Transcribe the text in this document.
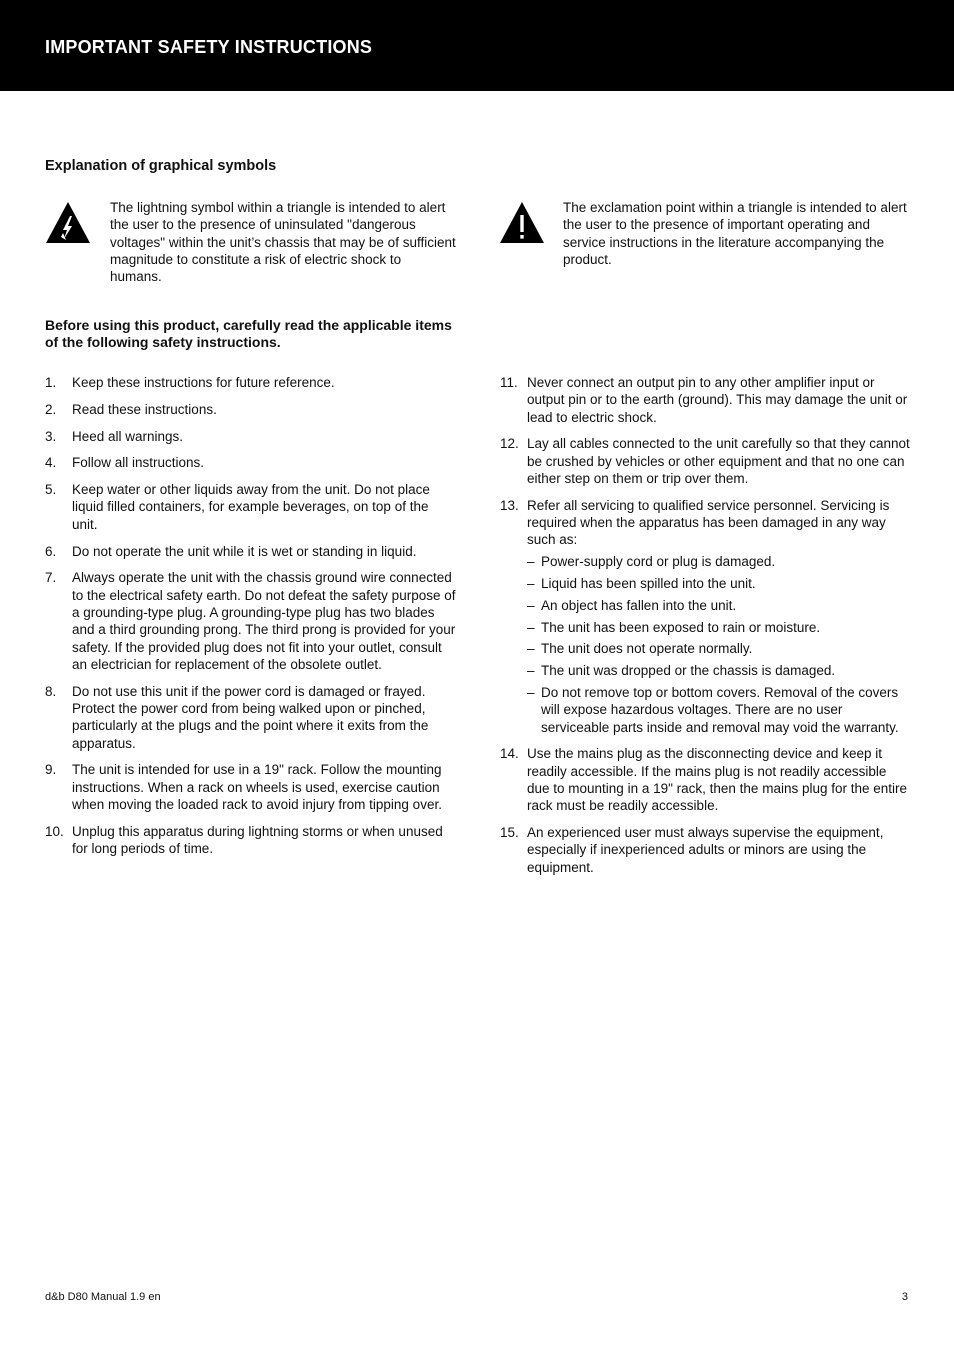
IMPORTANT SAFETY INSTRUCTIONS
Explanation of graphical symbols
The lightning symbol within a triangle is intended to alert the user to the presence of uninsulated "dangerous voltages" within the unit’s chassis that may be of sufficient magnitude to constitute a risk of electric shock to humans.
The exclamation point within a triangle is intended to alert the user to the presence of important operating and service instructions in the literature accompanying the product.
Before using this product, carefully read the applicable items of the following safety instructions.
1. Keep these instructions for future reference.
2. Read these instructions.
3. Heed all warnings.
4. Follow all instructions.
5. Keep water or other liquids away from the unit. Do not place liquid filled containers, for example beverages, on top of the unit.
6. Do not operate the unit while it is wet or standing in liquid.
7. Always operate the unit with the chassis ground wire connected to the electrical safety earth. Do not defeat the safety purpose of a grounding-type plug. A grounding-type plug has two blades and a third grounding prong. The third prong is provided for your safety. If the provided plug does not fit into your outlet, consult an electrician for replacement of the obsolete outlet.
8. Do not use this unit if the power cord is damaged or frayed. Protect the power cord from being walked upon or pinched, particularly at the plugs and the point where it exits from the apparatus.
9. The unit is intended for use in a 19" rack. Follow the mounting instructions. When a rack on wheels is used, exercise caution when moving the loaded rack to avoid injury from tipping over.
10. Unplug this apparatus during lightning storms or when unused for long periods of time.
11. Never connect an output pin to any other amplifier input or output pin or to the earth (ground). This may damage the unit or lead to electric shock.
12. Lay all cables connected to the unit carefully so that they cannot be crushed by vehicles or other equipment and that no one can either step on them or trip over them.
13. Refer all servicing to qualified service personnel. Servicing is required when the apparatus has been damaged in any way such as:
– Power-supply cord or plug is damaged.
– Liquid has been spilled into the unit.
– An object has fallen into the unit.
– The unit has been exposed to rain or moisture.
– The unit does not operate normally.
– The unit was dropped or the chassis is damaged.
– Do not remove top or bottom covers. Removal of the covers will expose hazardous voltages. There are no user serviceable parts inside and removal may void the warranty.
14. Use the mains plug as the disconnecting device and keep it readily accessible. If the mains plug is not readily accessible due to mounting in a 19" rack, then the mains plug for the entire rack must be readily accessible.
15. An experienced user must always supervise the equipment, especially if inexperienced adults or minors are using the equipment.
d&b D80 Manual 1.9 en	3
